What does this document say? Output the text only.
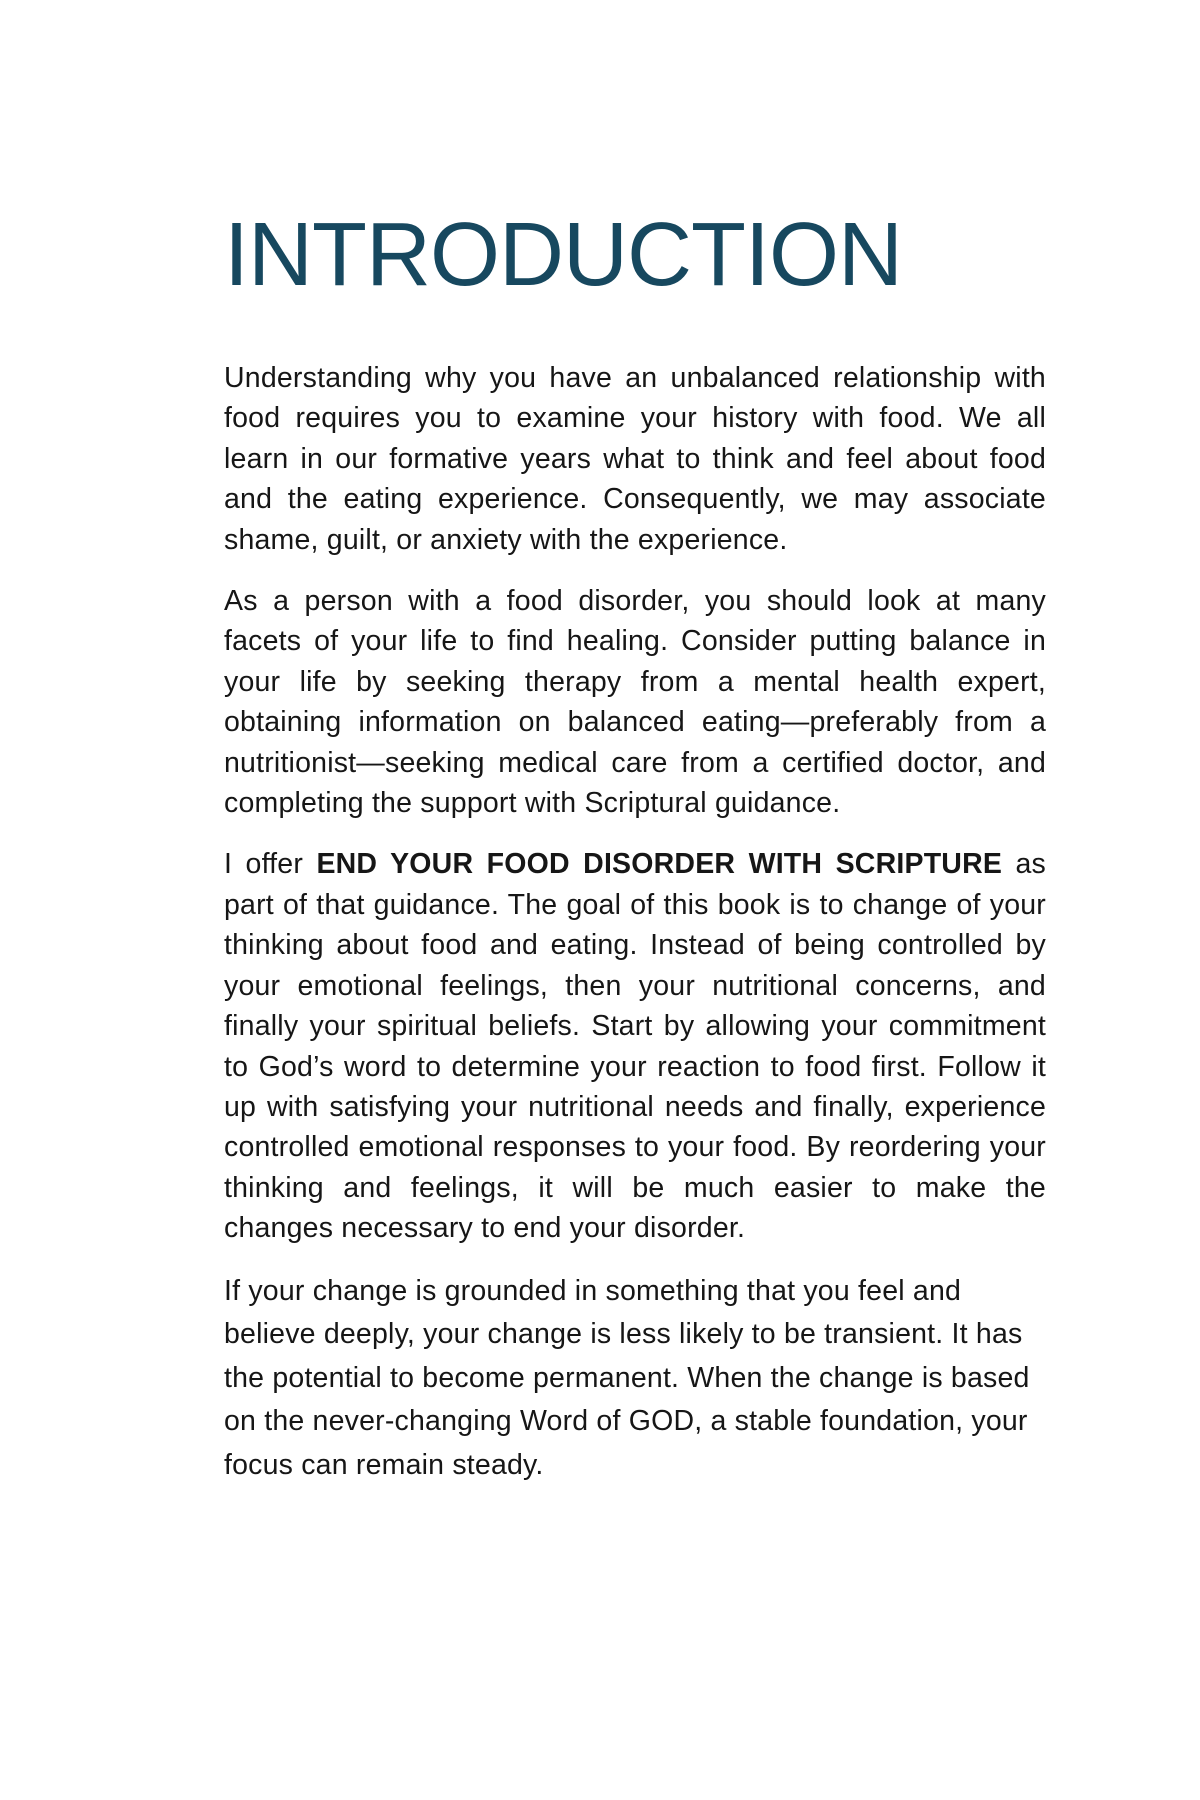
INTRODUCTION

Understanding why you have an unbalanced relationship with food requires you to examine your history with food. We all learn in our formative years what to think and feel about food and the eating experience. Consequently, we may associate shame, guilt, or anxiety with the experience.

As a person with a food disorder, you should look at many facets of your life to find healing. Consider putting balance in your life by seeking therapy from a mental health expert, obtaining information on balanced eating—preferably from a nutritionist—seeking medical care from a certified doctor, and completing the support with Scriptural guidance.

I offer END YOUR FOOD DISORDER WITH SCRIPTURE as part of that guidance. The goal of this book is to change of your thinking about food and eating. Instead of being controlled by your emotional feelings, then your nutritional concerns, and finally your spiritual beliefs. Start by allowing your commitment to God’s word to determine your reaction to food first. Follow it up with satisfying your nutritional needs and finally, experience controlled emotional responses to your food. By reordering your thinking and feelings, it will be much easier to make the changes necessary to end your disorder.

If your change is grounded in something that you feel and believe deeply, your change is less likely to be transient. It has the potential to become permanent. When the change is based on the never-changing Word of GOD, a stable foundation, your focus can remain steady.
